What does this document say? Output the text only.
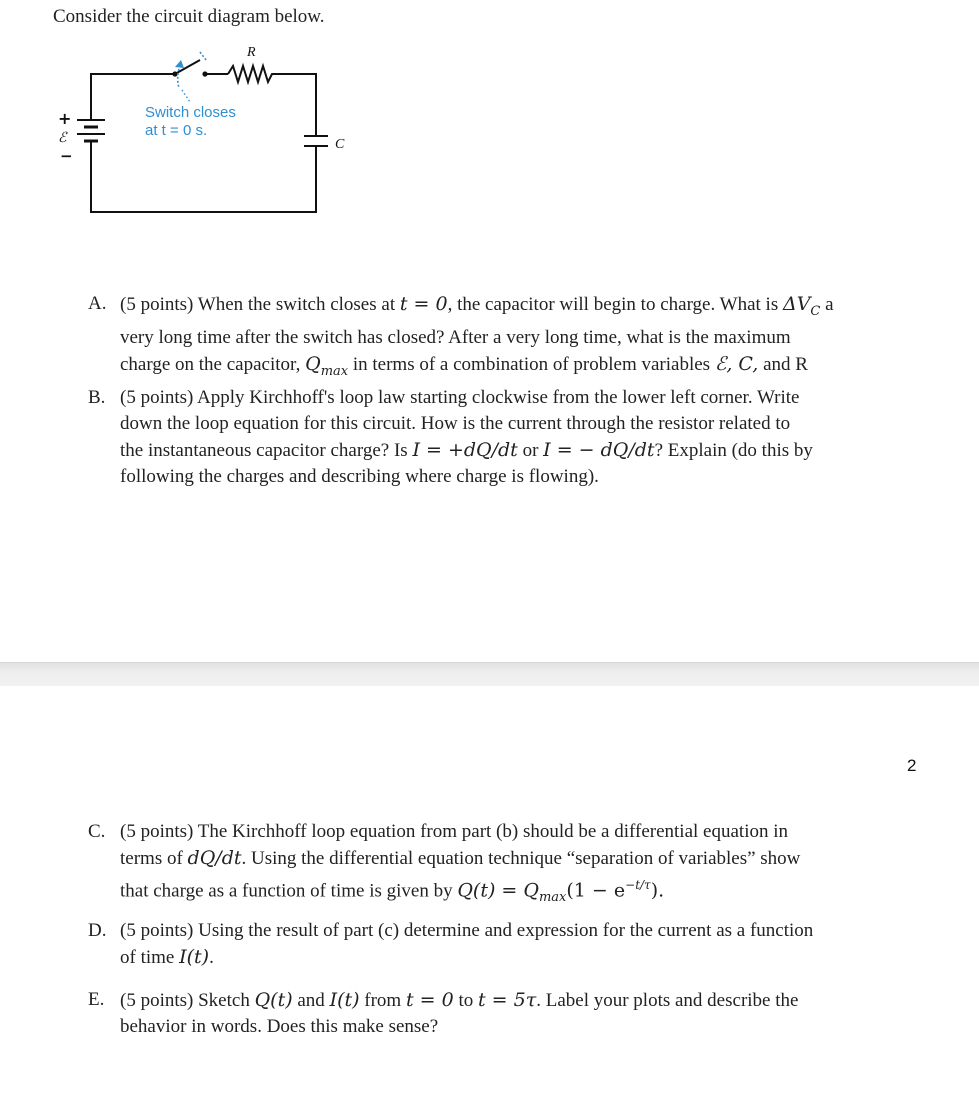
Consider the circuit diagram below.
R
C
+
ℰ
−
Switch closes
at t = 0 s.
A. (5 points) When the switch closes at t = 0, the capacitor will begin to charge. What is $\Delta V_C$ a

very long time after the switch has closed? After a very long time, what is the maximum

charge on the capacitor, $Q_{max}$ in terms of a combination of problem variables ℰ, C, and R

B. (5 points) Apply Kirchhoff's loop law starting clockwise from the lower left corner. Write

down the loop equation for this circuit. How is the current through the resistor related to

the instantaneous capacitor charge? Is I = +dQ/dt or I = − dQ/dt? Explain (do this by

following the charges and describing where charge is flowing).

2
C. (5 points) The Kirchhoff loop equation from part (b) should be a differential equation in

terms of dQ/dt. Using the differential equation technique “separation of variables” show

that charge as a function of time is given by $Q(t) = Q_{max}(1 - e^{-t/\tau})$.

D. (5 points) Using the result of part (c) determine and expression for the current as a function

of time I(t).

E. (5 points) Sketch Q(t) and I(t) from t = 0 to t = 5τ. Label your plots and describe the

behavior in words. Does this make sense?
